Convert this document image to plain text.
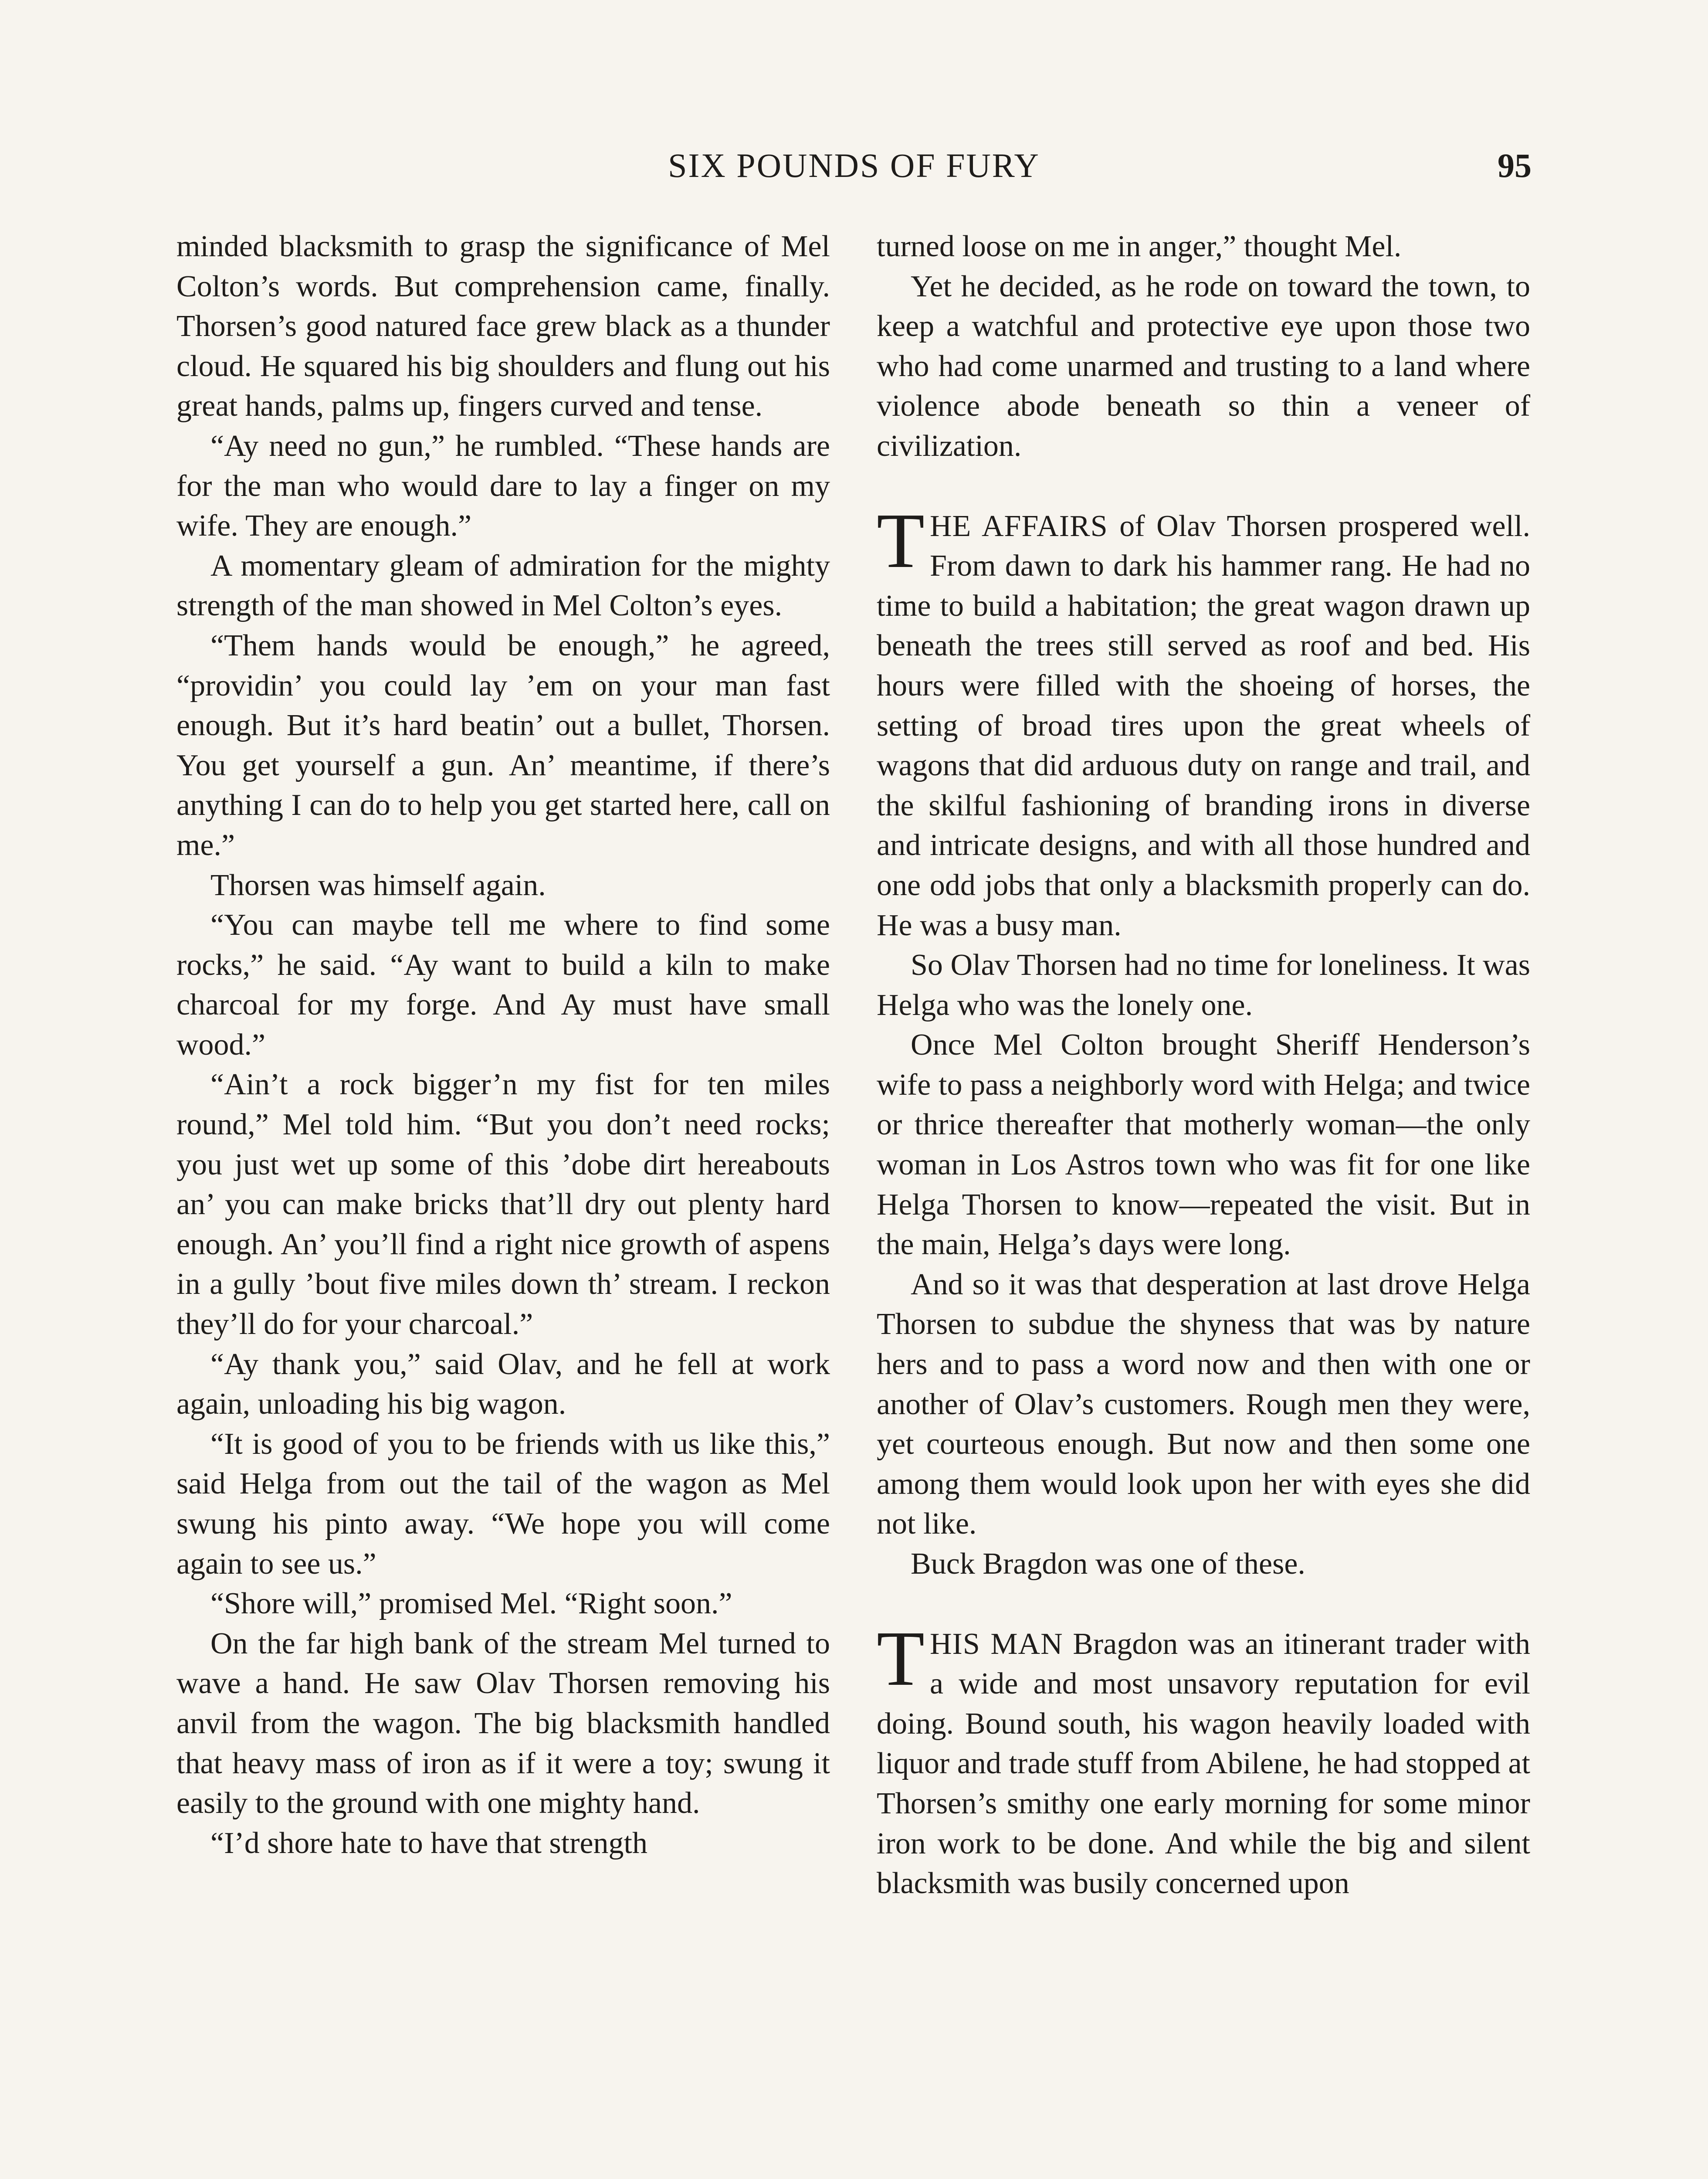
SIX POUNDS OF FURY	95

minded blacksmith to grasp the significance of Mel Colton’s words. But comprehension came, finally. Thorsen’s good natured face grew black as a thunder cloud. He squared his big shoulders and flung out his great hands, palms up, fingers curved and tense.

“Ay need no gun,” he rumbled. “These hands are for the man who would dare to lay a finger on my wife. They are enough.”

A momentary gleam of admiration for the mighty strength of the man showed in Mel Colton’s eyes.

“Them hands would be enough,” he agreed, “providin’ you could lay ’em on your man fast enough. But it’s hard beatin’ out a bullet, Thorsen. You get yourself a gun. An’ meantime, if there’s anything I can do to help you get started here, call on me.”

Thorsen was himself again.

“You can maybe tell me where to find some rocks,” he said. “Ay want to build a kiln to make charcoal for my forge. And Ay must have small wood.”

“Ain’t a rock bigger’n my fist for ten miles round,” Mel told him. “But you don’t need rocks; you just wet up some of this ’dobe dirt hereabouts an’ you can make bricks that’ll dry out plenty hard enough. An’ you’ll find a right nice growth of aspens in a gully ’bout five miles down th’ stream. I reckon they’ll do for your charcoal.”

“Ay thank you,” said Olav, and he fell at work again, unloading his big wagon.

“It is good of you to be friends with us like this,” said Helga from out the tail of the wagon as Mel swung his pinto away. “We hope you will come again to see us.”

“Shore will,” promised Mel. “Right soon.”

On the far high bank of the stream Mel turned to wave a hand. He saw Olav Thorsen removing his anvil from the wagon. The big blacksmith handled that heavy mass of iron as if it were a toy; swung it easily to the ground with one mighty hand.

“I’d shore hate to have that strength

turned loose on me in anger,” thought Mel.

Yet he decided, as he rode on toward the town, to keep a watchful and protective eye upon those two who had come unarmed and trusting to a land where violence abode beneath so thin a veneer of civilization.

THE AFFAIRS of Olav Thorsen prospered well. From dawn to dark his hammer rang. He had no time to build a habitation; the great wagon drawn up beneath the trees still served as roof and bed. His hours were filled with the shoeing of horses, the setting of broad tires upon the great wheels of wagons that did arduous duty on range and trail, and the skilful fashioning of branding irons in diverse and intricate designs, and with all those hundred and one odd jobs that only a blacksmith properly can do. He was a busy man.

So Olav Thorsen had no time for loneliness. It was Helga who was the lonely one.

Once Mel Colton brought Sheriff Henderson’s wife to pass a neighborly word with Helga; and twice or thrice thereafter that motherly woman—the only woman in Los Astros town who was fit for one like Helga Thorsen to know—repeated the visit. But in the main, Helga’s days were long.

And so it was that desperation at last drove Helga Thorsen to subdue the shyness that was by nature hers and to pass a word now and then with one or another of Olav’s customers. Rough men they were, yet courteous enough. But now and then some one among them would look upon her with eyes she did not like.

Buck Bragdon was one of these.

THIS MAN Bragdon was an itinerant trader with a wide and most unsavory reputation for evil doing. Bound south, his wagon heavily loaded with liquor and trade stuff from Abilene, he had stopped at Thorsen’s smithy one early morning for some minor iron work to be done. And while the big and silent blacksmith was busily concerned upon
